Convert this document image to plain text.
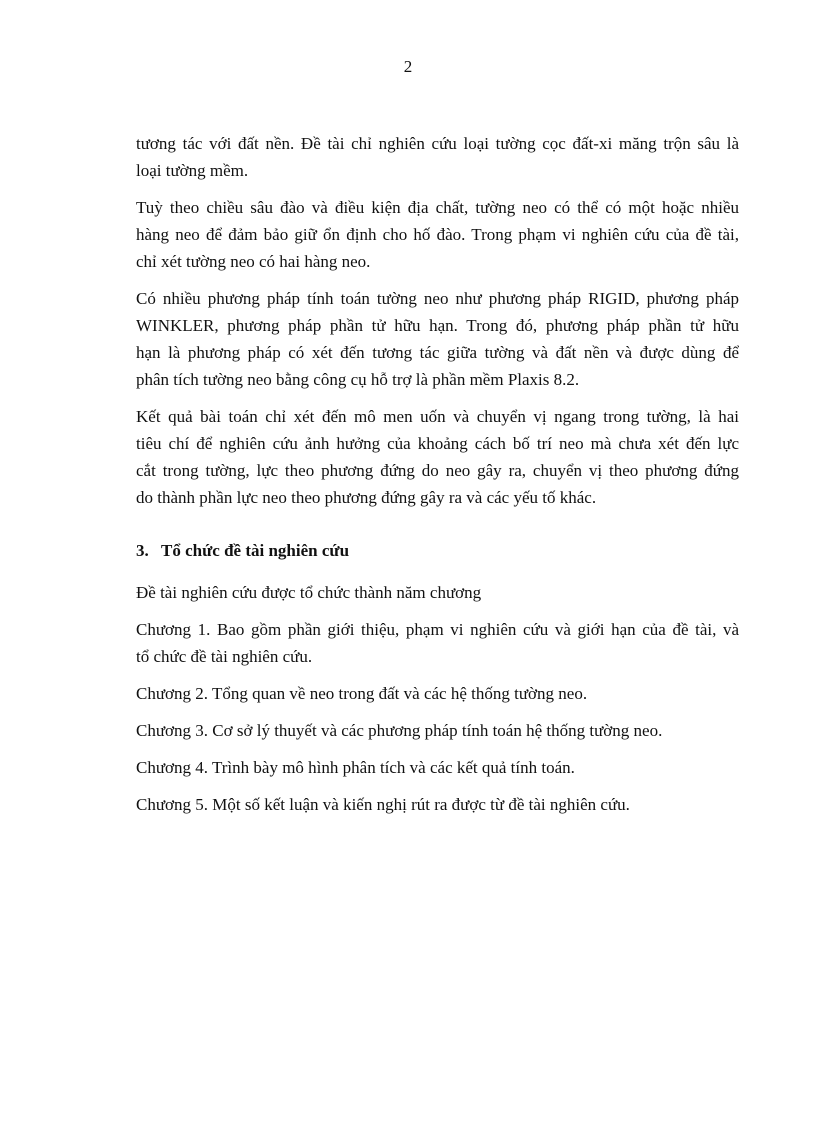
2

tương tác với đất nền. Đề tài chỉ nghiên cứu loại tường cọc đất-xi măng trộn sâu là
loại tường mềm.

Tuỳ theo chiều sâu đào và điều kiện địa chất, tường neo có thể có một hoặc nhiều
hàng neo để đảm bảo giữ ổn định cho hố đào. Trong phạm vi nghiên cứu của đề tài,
chỉ xét tường neo có hai hàng neo.

Có nhiều phương pháp tính toán tường neo như phương pháp RIGID, phương pháp
WINKLER, phương pháp phần tử hữu hạn. Trong đó, phương pháp phần tử hữu
hạn là phương pháp có xét đến tương tác giữa tường và đất nền và được dùng để
phân tích tường neo bằng công cụ hỗ trợ là phần mềm Plaxis 8.2.

Kết quả bài toán chỉ xét đến mô men uốn và chuyển vị ngang trong tường, là hai
tiêu chí để nghiên cứu ảnh hưởng của khoảng cách bố trí neo mà chưa xét đến lực
cắt trong tường, lực theo phương đứng do neo gây ra, chuyển vị theo phương đứng
do thành phần lực neo theo phương đứng gây ra và các yếu tố khác.

3. Tổ chức đề tài nghiên cứu

Đề tài nghiên cứu được tổ chức thành năm chương

Chương 1. Bao gồm phần giới thiệu, phạm vi nghiên cứu và giới hạn của đề tài, và
tổ chức đề tài nghiên cứu.

Chương 2. Tổng quan về neo trong đất và các hệ thống tường neo.

Chương 3. Cơ sở lý thuyết và các phương pháp tính toán hệ thống tường neo.

Chương 4. Trình bày mô hình phân tích và các kết quả tính toán.

Chương 5. Một số kết luận và kiến nghị rút ra được từ đề tài nghiên cứu.
